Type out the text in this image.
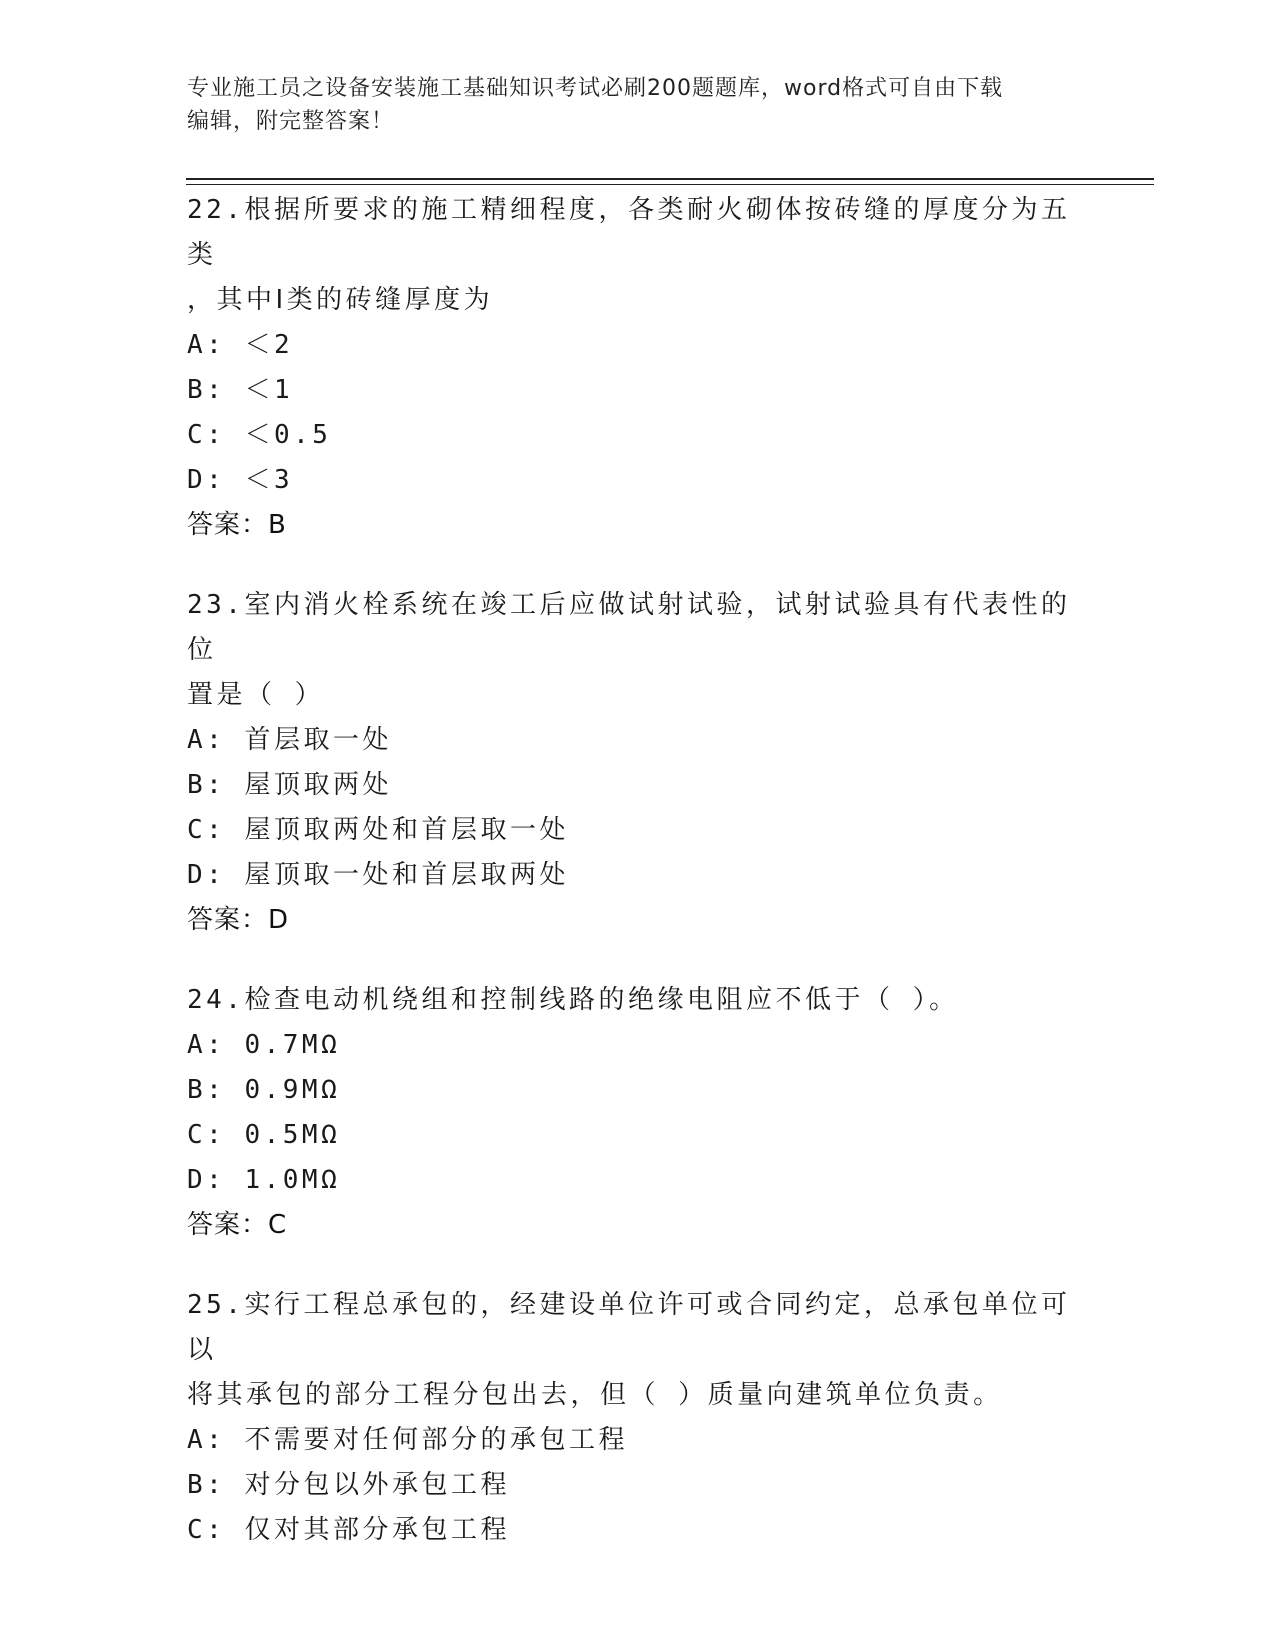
专业施工员之设备安装施工基础知识考试必刷200题题库，word格式可自由下载
编辑，附完整答案！
22.根据所要求的施工精细程度，各类耐火砌体按砖缝的厚度分为五类
，其中Ⅰ类的砖缝厚度为
A: ＜2
B: ＜1
C: ＜0.5
D: ＜3
答案：B
23.室内消火栓系统在竣工后应做试射试验，试射试验具有代表性的位
置是（ ）
A: 首层取一处
B: 屋顶取两处
C: 屋顶取两处和首层取一处
D: 屋顶取一处和首层取两处
答案：D
24.检查电动机绕组和控制线路的绝缘电阻应不低于（ ）。
A: 0.7MΩ
B: 0.9MΩ
C: 0.5MΩ
D: 1.0MΩ
答案：C
25.实行工程总承包的，经建设单位许可或合同约定，总承包单位可以
将其承包的部分工程分包出去，但（ ）质量向建筑单位负责。
A: 不需要对任何部分的承包工程
B: 对分包以外承包工程
C: 仅对其部分承包工程
